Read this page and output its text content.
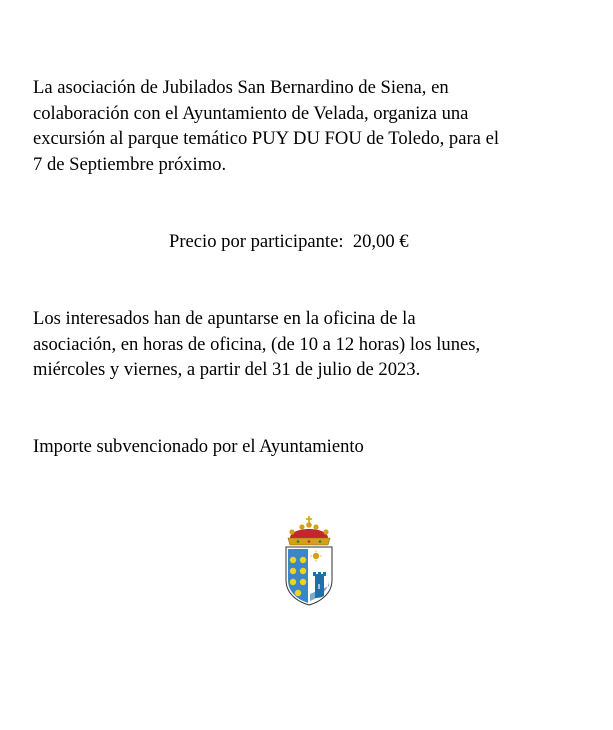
La asociación de Jubilados San Bernardino de Siena, en
colaboración con el Ayuntamiento de Velada, organiza una
excursión al parque temático PUY DU FOU de Toledo, para el
7 de Septiembre próximo.
Precio por participante: 20,00 €
Los interesados han de apuntarse en la oficina de la
asociación, en horas de oficina, (de 10 a 12 horas) los lunes,
miércoles y viernes, a partir del 31 de julio de 2023.
Importe subvencionado por el Ayuntamiento
